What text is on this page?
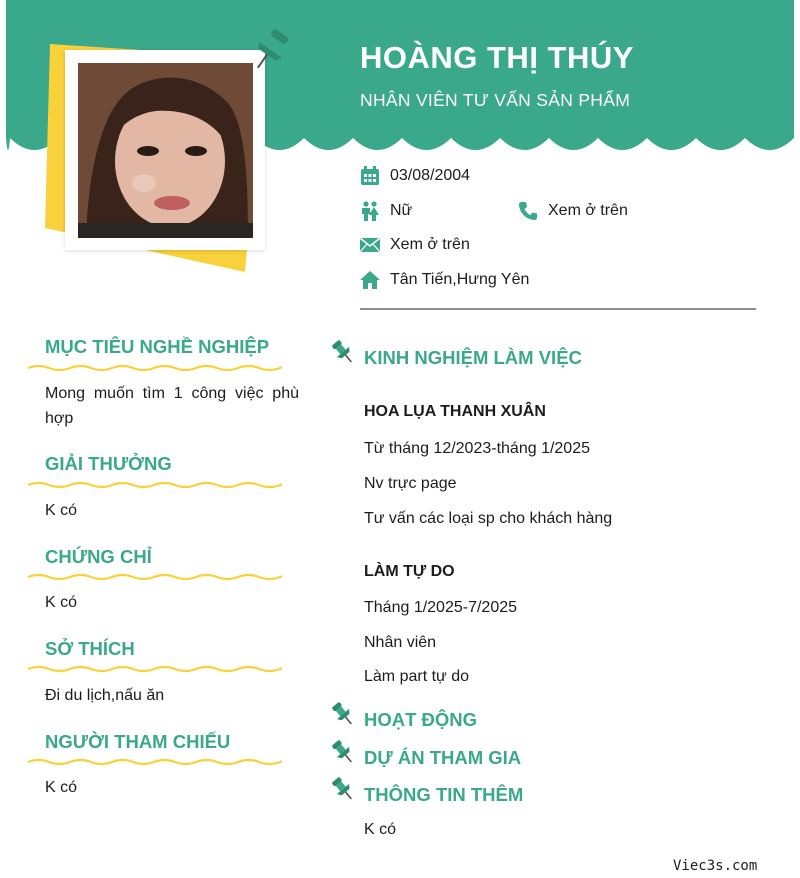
HOÀNG THỊ THÚY
NHÂN VIÊN TƯ VẤN SẢN PHẨM
03/08/2004
Nữ	Xem ở trên
Xem ở trên
Tân Tiến,Hưng Yên
MỤC TIÊU NGHỀ NGHIỆP
Mong muốn tìm 1 công việc phù hợp
GIẢI THƯỞNG
K có
CHỨNG CHỈ
K có
SỞ THÍCH
Đi du lịch,nấu ăn
NGƯỜI THAM CHIẾU
K có
KINH NGHIỆM LÀM VIỆC
HOA LỤA THANH XUÂN
Từ tháng 12/2023-tháng 1/2025
Nv trực page
Tư vấn các loại sp cho khách hàng
LÀM TỰ DO
Tháng 1/2025-7/2025
Nhân viên
Làm part tự do
HOẠT ĐỘNG
DỰ ÁN THAM GIA
THÔNG TIN THÊM
K có
Viec3s.com
